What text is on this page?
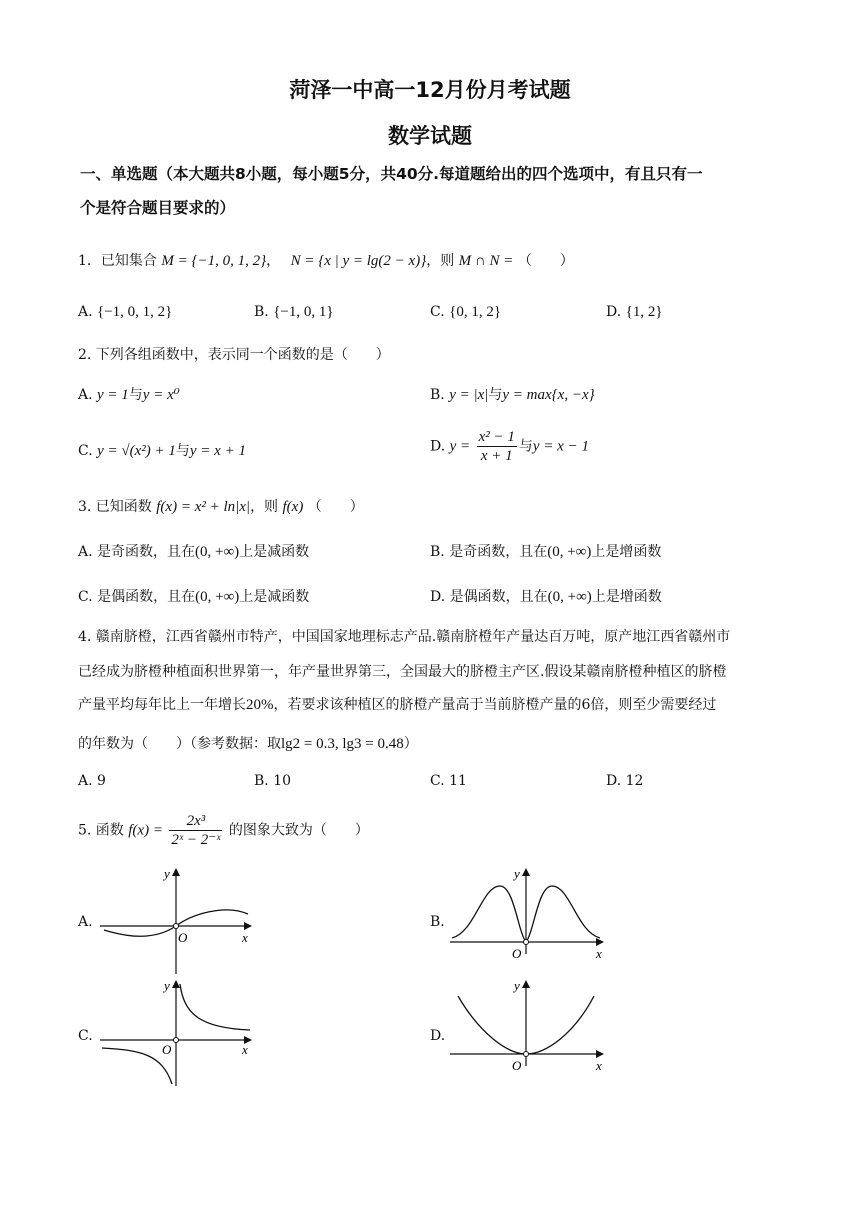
菏泽一中高一12月份月考试题
数学试题
一、单选题（本大题共8小题，每小题5分，共40分.每道题给出的四个选项中，有且只有一
个是符合题目要求的）
1．已知集合 M = {−1, 0, 1, 2}， N = {x | y = lg(2 − x)}，则 M ∩ N = （　　）
A. {−1, 0, 1, 2}	B. {−1, 0, 1}	C. {0, 1, 2}	D. {1, 2}
2. 下列各组函数中，表示同一个函数的是（　　）
A. y = 1与y = x⁰	B. y = |x|与y = max{x, −x}
C. y = √(x²) + 1与y = x + 1	D. $y = \frac{\text{x² − 1}}{x + 1}$ 与y = x − 1
3. 已知函数 f(x) = x² + ln|x|，则 f(x) （　　）
A. 是奇函数，且在(0, +∞)上是减函数	B. 是奇函数，且在(0, +∞)上是增函数
C. 是偶函数，且在(0, +∞)上是减函数	D. 是偶函数，且在(0, +∞)上是增函数
4. 赣南脐橙，江西省赣州市特产，中国国家地理标志产品.赣南脐橙年产量达百万吨，原产地江西省赣州市
已经成为脐橙种植面积世界第一，年产量世界第三，全国最大的脐橙主产区.假设某赣南脐橙种植区的脐橙
产量平均每年比上一年增长20%，若要求该种植区的脐橙产量高于当前脐橙产量的6倍，则至少需要经过
的年数为（　　）（参考数据：取lg2 = 0.3, lg3 = 0.48）
A. 9	B. 10	C. 11	D. 12
5. 函数 $f(x) = \frac{\text{2x³}}{\text{2ˣ − 2⁻ˣ}}$ 的图象大致为（　　）
A.	B.
C.	D.
y
O	x
y
O	x
y
O	x
y
O	x
